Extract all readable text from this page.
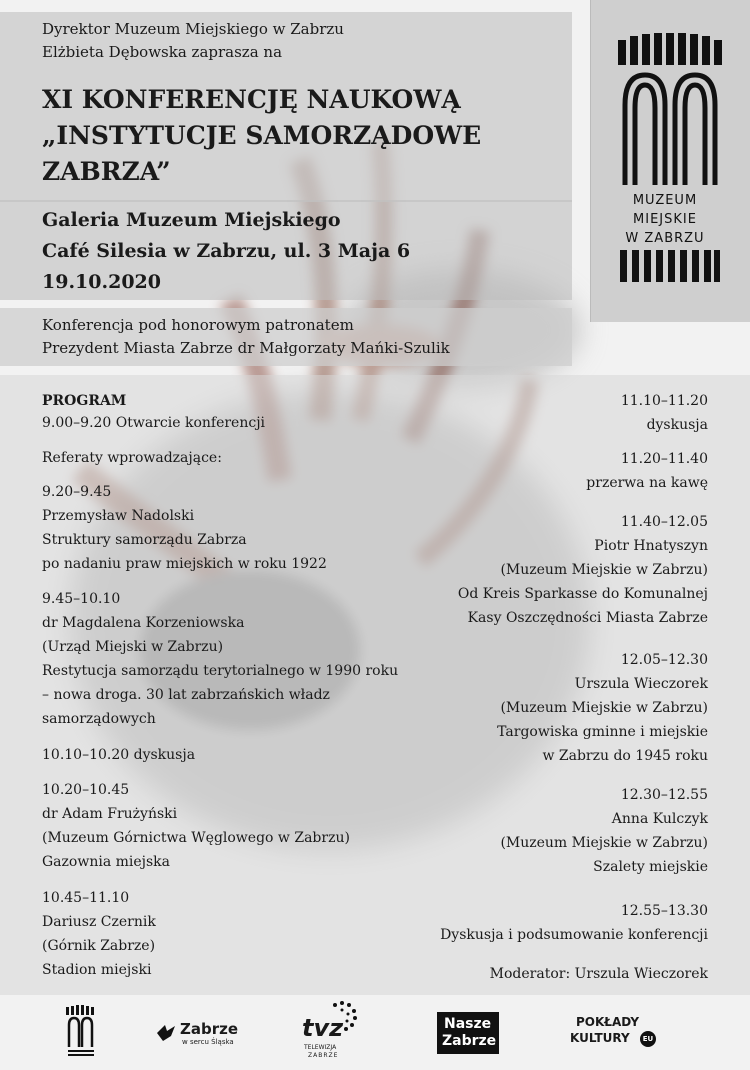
Dyrektor Muzeum Miejskiego w Zabrzu
Elżbieta Dębowska zaprasza na
XI KONFERENCJĘ NAUKOWĄ
„INSTYTUCJE SAMORZĄDOWE
ZABRZA”
Galeria Muzeum Miejskiego
Café Silesia w Zabrzu, ul. 3 Maja 6
19.10.2020
Konferencja pod honorowym patronatem
Prezydent Miasta Zabrze dr Małgorzaty Mańki-Szulik
MUZEUM
MIEJSKIE
W ZABRZU
PROGRAM
9.00–9.20 Otwarcie konferencji
Referaty wprowadzające:
9.20–9.45
Przemysław Nadolski
Struktury samorządu Zabrza
po nadaniu praw miejskich w roku 1922
9.45–10.10
dr Magdalena Korzeniowska
(Urząd Miejski w Zabrzu)
Restytucja samorządu terytorialnego w 1990 roku
– nowa droga. 30 lat zabrzańskich władz
samorządowych
10.10–10.20 dyskusja
10.20–10.45
dr Adam Frużyński
(Muzeum Górnictwa Węglowego w Zabrzu)
Gazownia miejska
10.45–11.10
Dariusz Czernik
(Górnik Zabrze)
Stadion miejski
11.10–11.20
dyskusja
11.20–11.40
przerwa na kawę
11.40–12.05
Piotr Hnatyszyn
(Muzeum Miejskie w Zabrzu)
Od Kreis Sparkasse do Komunalnej
Kasy Oszczędności Miasta Zabrze
12.05–12.30
Urszula Wieczorek
(Muzeum Miejskie w Zabrzu)
Targowiska gminne i miejskie
w Zabrzu do 1945 roku
12.30–12.55
Anna Kulczyk
(Muzeum Miejskie w Zabrzu)
Szalety miejskie
12.55–13.30
Dyskusja i podsumowanie konferencji
Moderator: Urszula Wieczorek
Zabrze
w sercu Śląska	tvz
TELEWIZJA
ZABRZE
Nasze
Zabrze
POKŁADY
KULTURY	EU
